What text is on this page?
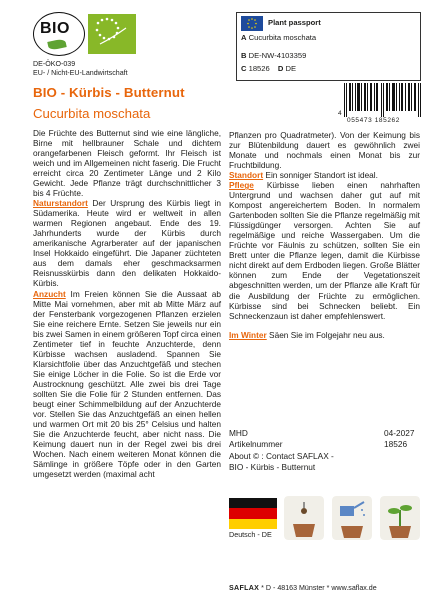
BIO
DE-ÖKO-039
EU- / Nicht-EU-Landwirtschaft
Plant passport
A Cucurbita moschata
B DE-NW-4103359
C 18526 D DE
4
055473 185262
BIO - Kürbis - Butternut
Cucurbita moschata

Die Früchte des Butternut sind wie eine längliche, Birne mit hellbrauner Schale und dichtem orangefarbenen Fleisch geformt. Ihr Fleisch ist weich und im Allgemeinen nicht faserig. Die Frucht erreicht circa 20 Zentimeter Länge und 2 Kilo Gewicht. Jede Pflanze trägt durchschnittlicher 3 bis 4 Früchte.

Naturstandort Der Ursprung des Kürbis liegt in Südamerika. Heute wird er weltweit in allen warmen Regionen angebaut. Ende des 19. Jahrhunderts wurde der Kürbis durch amerikanische Agrarberater auf der japanischen Insel Hokkaido eingeführt. Die Japaner züchteten aus dem damals eher geschmacksarmen Reisnusskürbis dann den delikaten Hokkaido-Kürbis.

Anzucht Im Freien können Sie die Aussaat ab Mitte Mai vornehmen, aber mit ab Mitte März auf der Fensterbank vorgezogenen Pflanzen erzielen Sie eine reichere Ernte. Setzen Sie jeweils nur ein bis zwei Samen in einem größeren Topf circa einen Zentimeter tief in feuchte Anzuchterde, denn Kürbisse wachsen ausladend. Spannen Sie Klarsichtfolie über das Anzuchtgefäß und stechen Sie einige Löcher in die Folie. So ist die Erde vor Austrocknung geschützt. Alle zwei bis drei Tage sollten Sie die Folie für 2 Stunden entfernen. Das beugt einer Schimmelbildung auf der Anzuchterde vor. Stellen Sie das Anzuchtgefäß an einen hellen und warmen Ort mit 20 bis 25° Celsius und halten Sie die Anzuchterde feucht, aber nicht nass. Die Keimung dauert nun in der Regel zwei bis drei Wochen. Nach einem weiteren Monat können die Sämlinge in größere Töpfe oder in den Garten umgesetzt werden (maximal acht

Pflanzen pro Quadratmeter). Von der Keimung bis zur Blütenbildung dauert es gewöhnlich zwei Monate und nochmals einen Monat bis zur Fruchtbildung.

Standort Ein sonniger Standort ist ideal.

Pflege Kürbisse lieben einen nahrhaften Untergrund und wachsen daher gut auf mit Kompost angereichertem Boden. In normalem Gartenboden sollten Sie die Pflanze regelmäßig mit Flüssigdünger versorgen. Achten Sie auf regelmäßige und reiche Wassergaben. Um die Früchte vor Fäulnis zu schützen, sollten Sie ein Brett unter die Pflanze legen, damit die Kürbisse nicht direkt auf dem Erdboden liegen. Große Blätter können zum Ende der Vegetationszeit abgeschnitten werden, um der Pflanze alle Kraft für die Ausbildung der Früchte zu ermöglichen. Kürbisse sind bei Schnecken beliebt. Ein Schneckenzaun ist daher empfehlenswert.

Im Winter Säen Sie im Folgejahr neu aus.

MHD	04-2027
Artikelnummer	18526
About © : Contact SAFLAX -
BIO - Kürbis - Butternut
Deutsch - DE
SAFLAX * D - 48163 Münster * www.saflax.de
